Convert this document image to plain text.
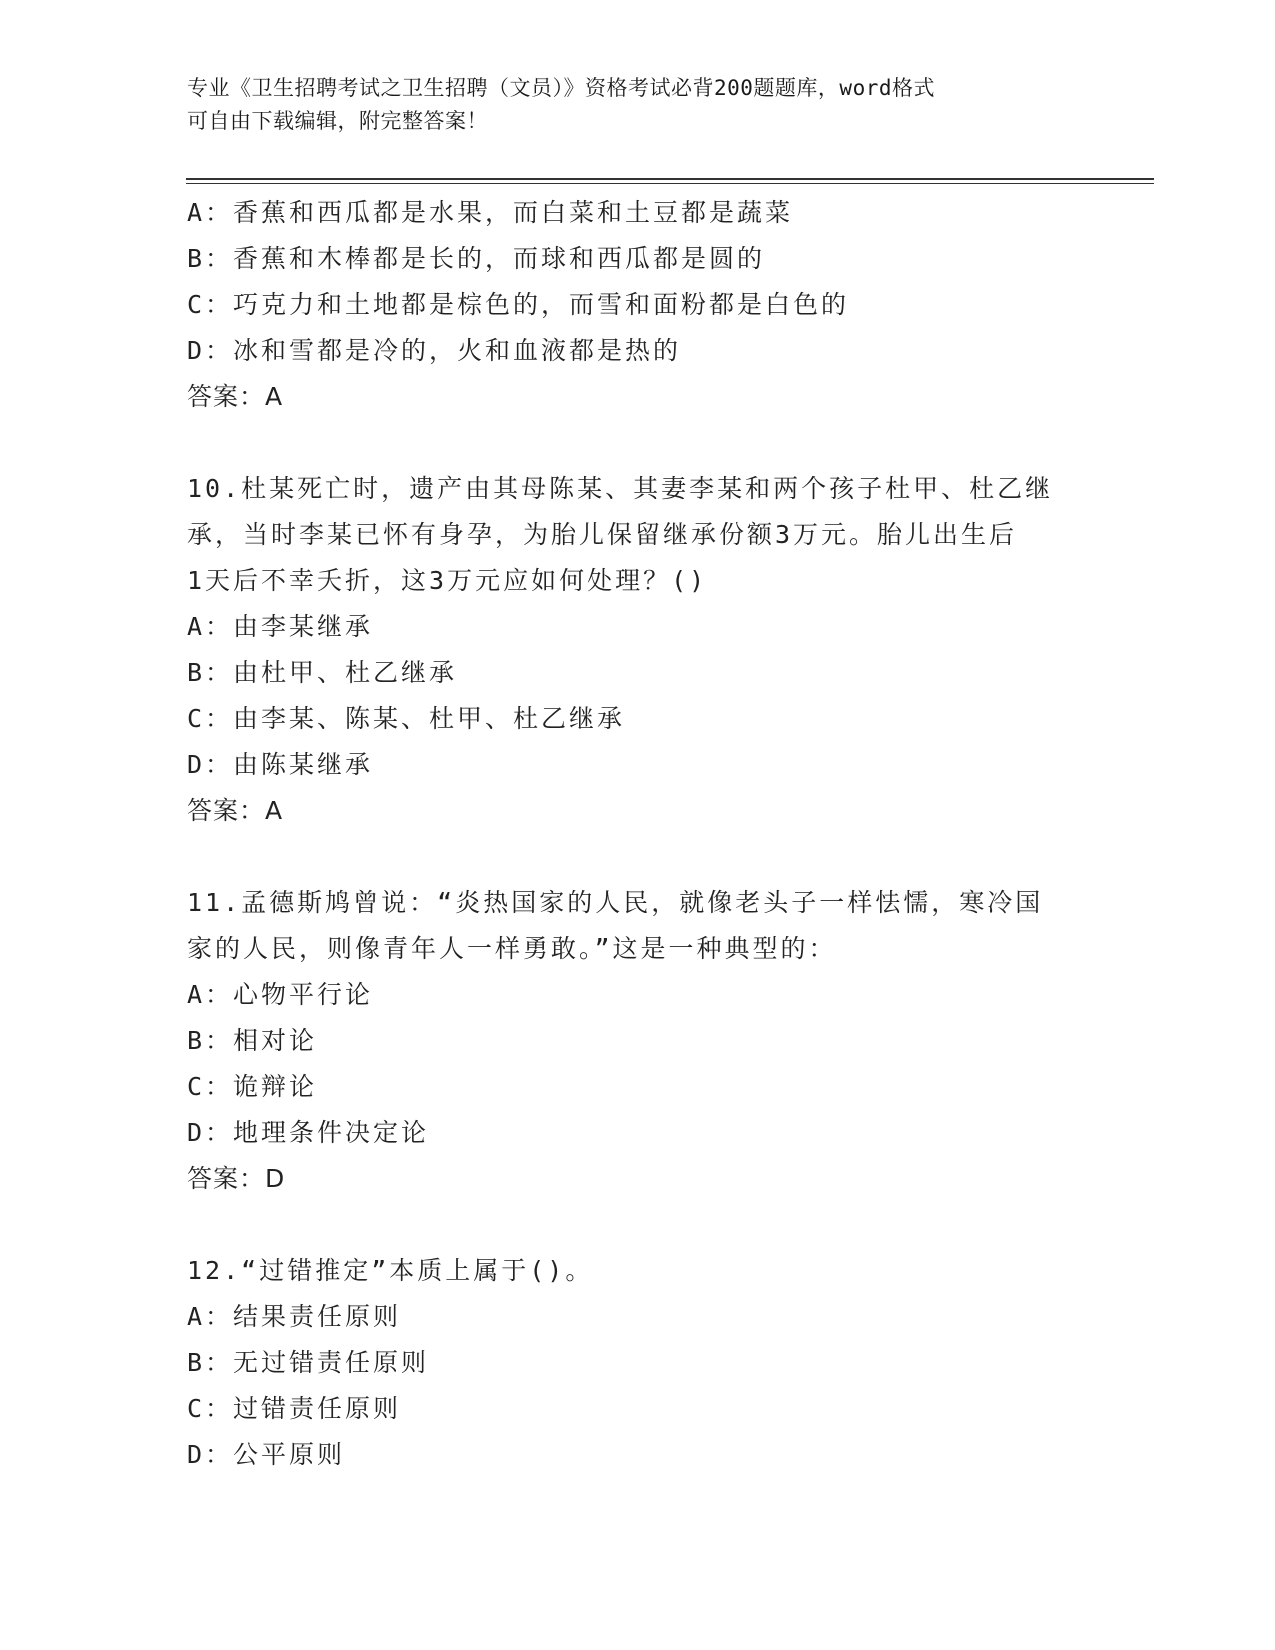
专业《卫生招聘考试之卫生招聘（文员）》资格考试必背200题题库，word格式
可自由下载编辑，附完整答案！
A：香蕉和西瓜都是水果，而白菜和土豆都是蔬菜
B：香蕉和木棒都是长的，而球和西瓜都是圆的
C：巧克力和土地都是棕色的，而雪和面粉都是白色的
D：冰和雪都是冷的，火和血液都是热的
答案：A
10.杜某死亡时，遗产由其母陈某、其妻李某和两个孩子杜甲、杜乙继
承，当时李某已怀有身孕，为胎儿保留继承份额3万元。胎儿出生后
1天后不幸夭折，这3万元应如何处理？()
A：由李某继承
B：由杜甲、杜乙继承
C：由李某、陈某、杜甲、杜乙继承
D：由陈某继承
答案：A
11.孟德斯鸠曾说：“炎热国家的人民，就像老头子一样怯懦，寒冷国
家的人民，则像青年人一样勇敢。”这是一种典型的：
A：心物平行论
B：相对论
C：诡辩论
D：地理条件决定论
答案：D
12.“过错推定”本质上属于()。
A：结果责任原则
B：无过错责任原则
C：过错责任原则
D：公平原则
